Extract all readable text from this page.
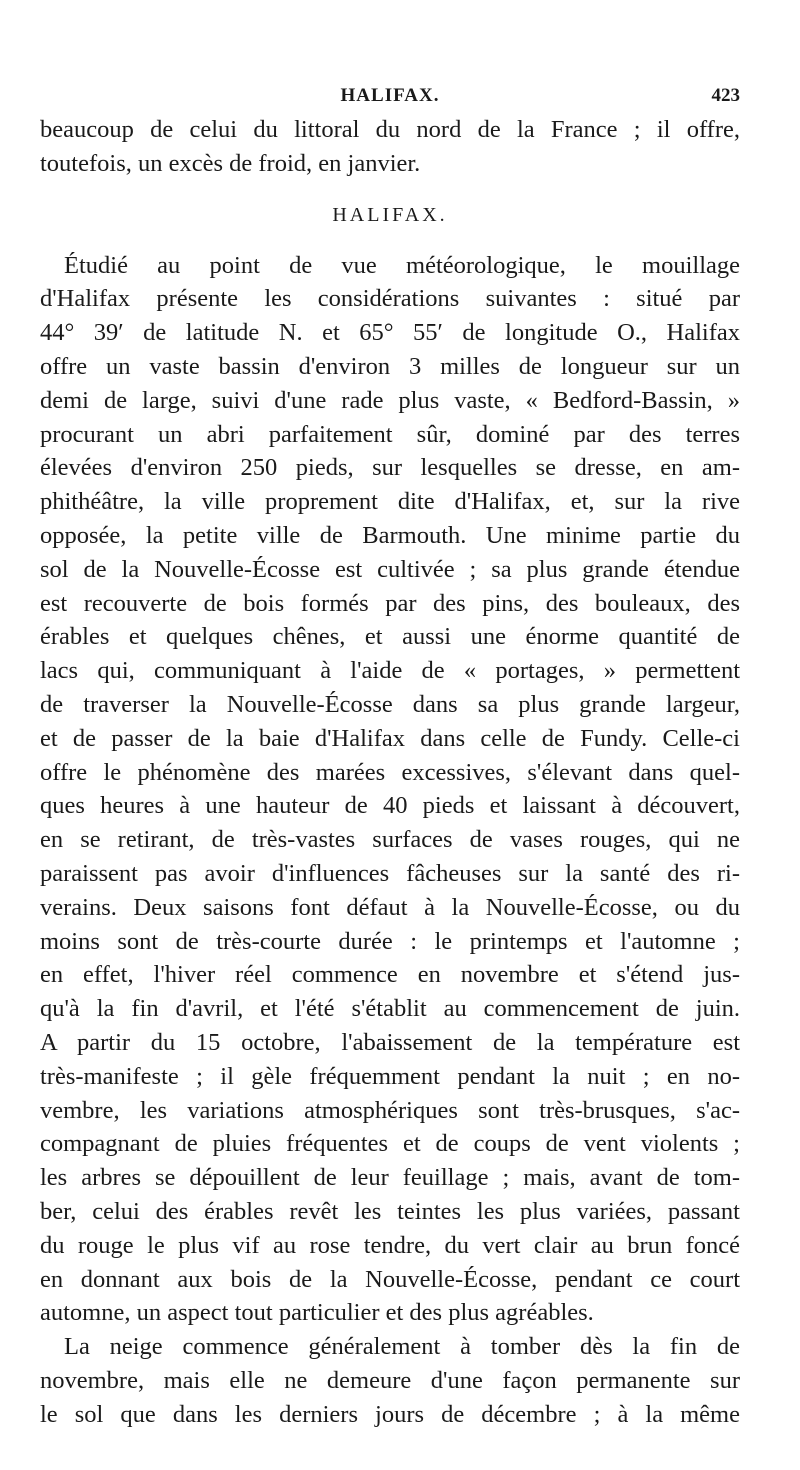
HALIFAX.	423
beaucoup de celui du littoral du nord de la France ; il offre,
toutefois, un excès de froid, en janvier.
HALIFAX.
Étudié au point de vue météorologique, le mouillage
d'Halifax présente les considérations suivantes : situé par
44° 39′ de latitude N. et 65° 55′ de longitude O., Halifax
offre un vaste bassin d'environ 3 milles de longueur sur un
demi de large, suivi d'une rade plus vaste, « Bedford-Bassin, »
procurant un abri parfaitement sûr, dominé par des terres
élevées d'environ 250 pieds, sur lesquelles se dresse, en am-
phithéâtre, la ville proprement dite d'Halifax, et, sur la rive
opposée, la petite ville de Barmouth. Une minime partie du
sol de la Nouvelle-Écosse est cultivée ; sa plus grande étendue
est recouverte de bois formés par des pins, des bouleaux, des
érables et quelques chênes, et aussi une énorme quantité de
lacs qui, communiquant à l'aide de « portages, » permettent
de traverser la Nouvelle-Écosse dans sa plus grande largeur,
et de passer de la baie d'Halifax dans celle de Fundy. Celle-ci
offre le phénomène des marées excessives, s'élevant dans quel-
ques heures à une hauteur de 40 pieds et laissant à découvert,
en se retirant, de très-vastes surfaces de vases rouges, qui ne
paraissent pas avoir d'influences fâcheuses sur la santé des ri-
verains. Deux saisons font défaut à la Nouvelle-Écosse, ou du
moins sont de très-courte durée : le printemps et l'automne ;
en effet, l'hiver réel commence en novembre et s'étend jus-
qu'à la fin d'avril, et l'été s'établit au commencement de juin.
A partir du 15 octobre, l'abaissement de la température est
très-manifeste ; il gèle fréquemment pendant la nuit ; en no-
vembre, les variations atmosphériques sont très-brusques, s'ac-
compagnant de pluies fréquentes et de coups de vent violents ;
les arbres se dépouillent de leur feuillage ; mais, avant de tom-
ber, celui des érables revêt les teintes les plus variées, passant
du rouge le plus vif au rose tendre, du vert clair au brun foncé
en donnant aux bois de la Nouvelle-Écosse, pendant ce court
automne, un aspect tout particulier et des plus agréables.
La neige commence généralement à tomber dès la fin de
novembre, mais elle ne demeure d'une façon permanente sur
le sol que dans les derniers jours de décembre ; à la même
